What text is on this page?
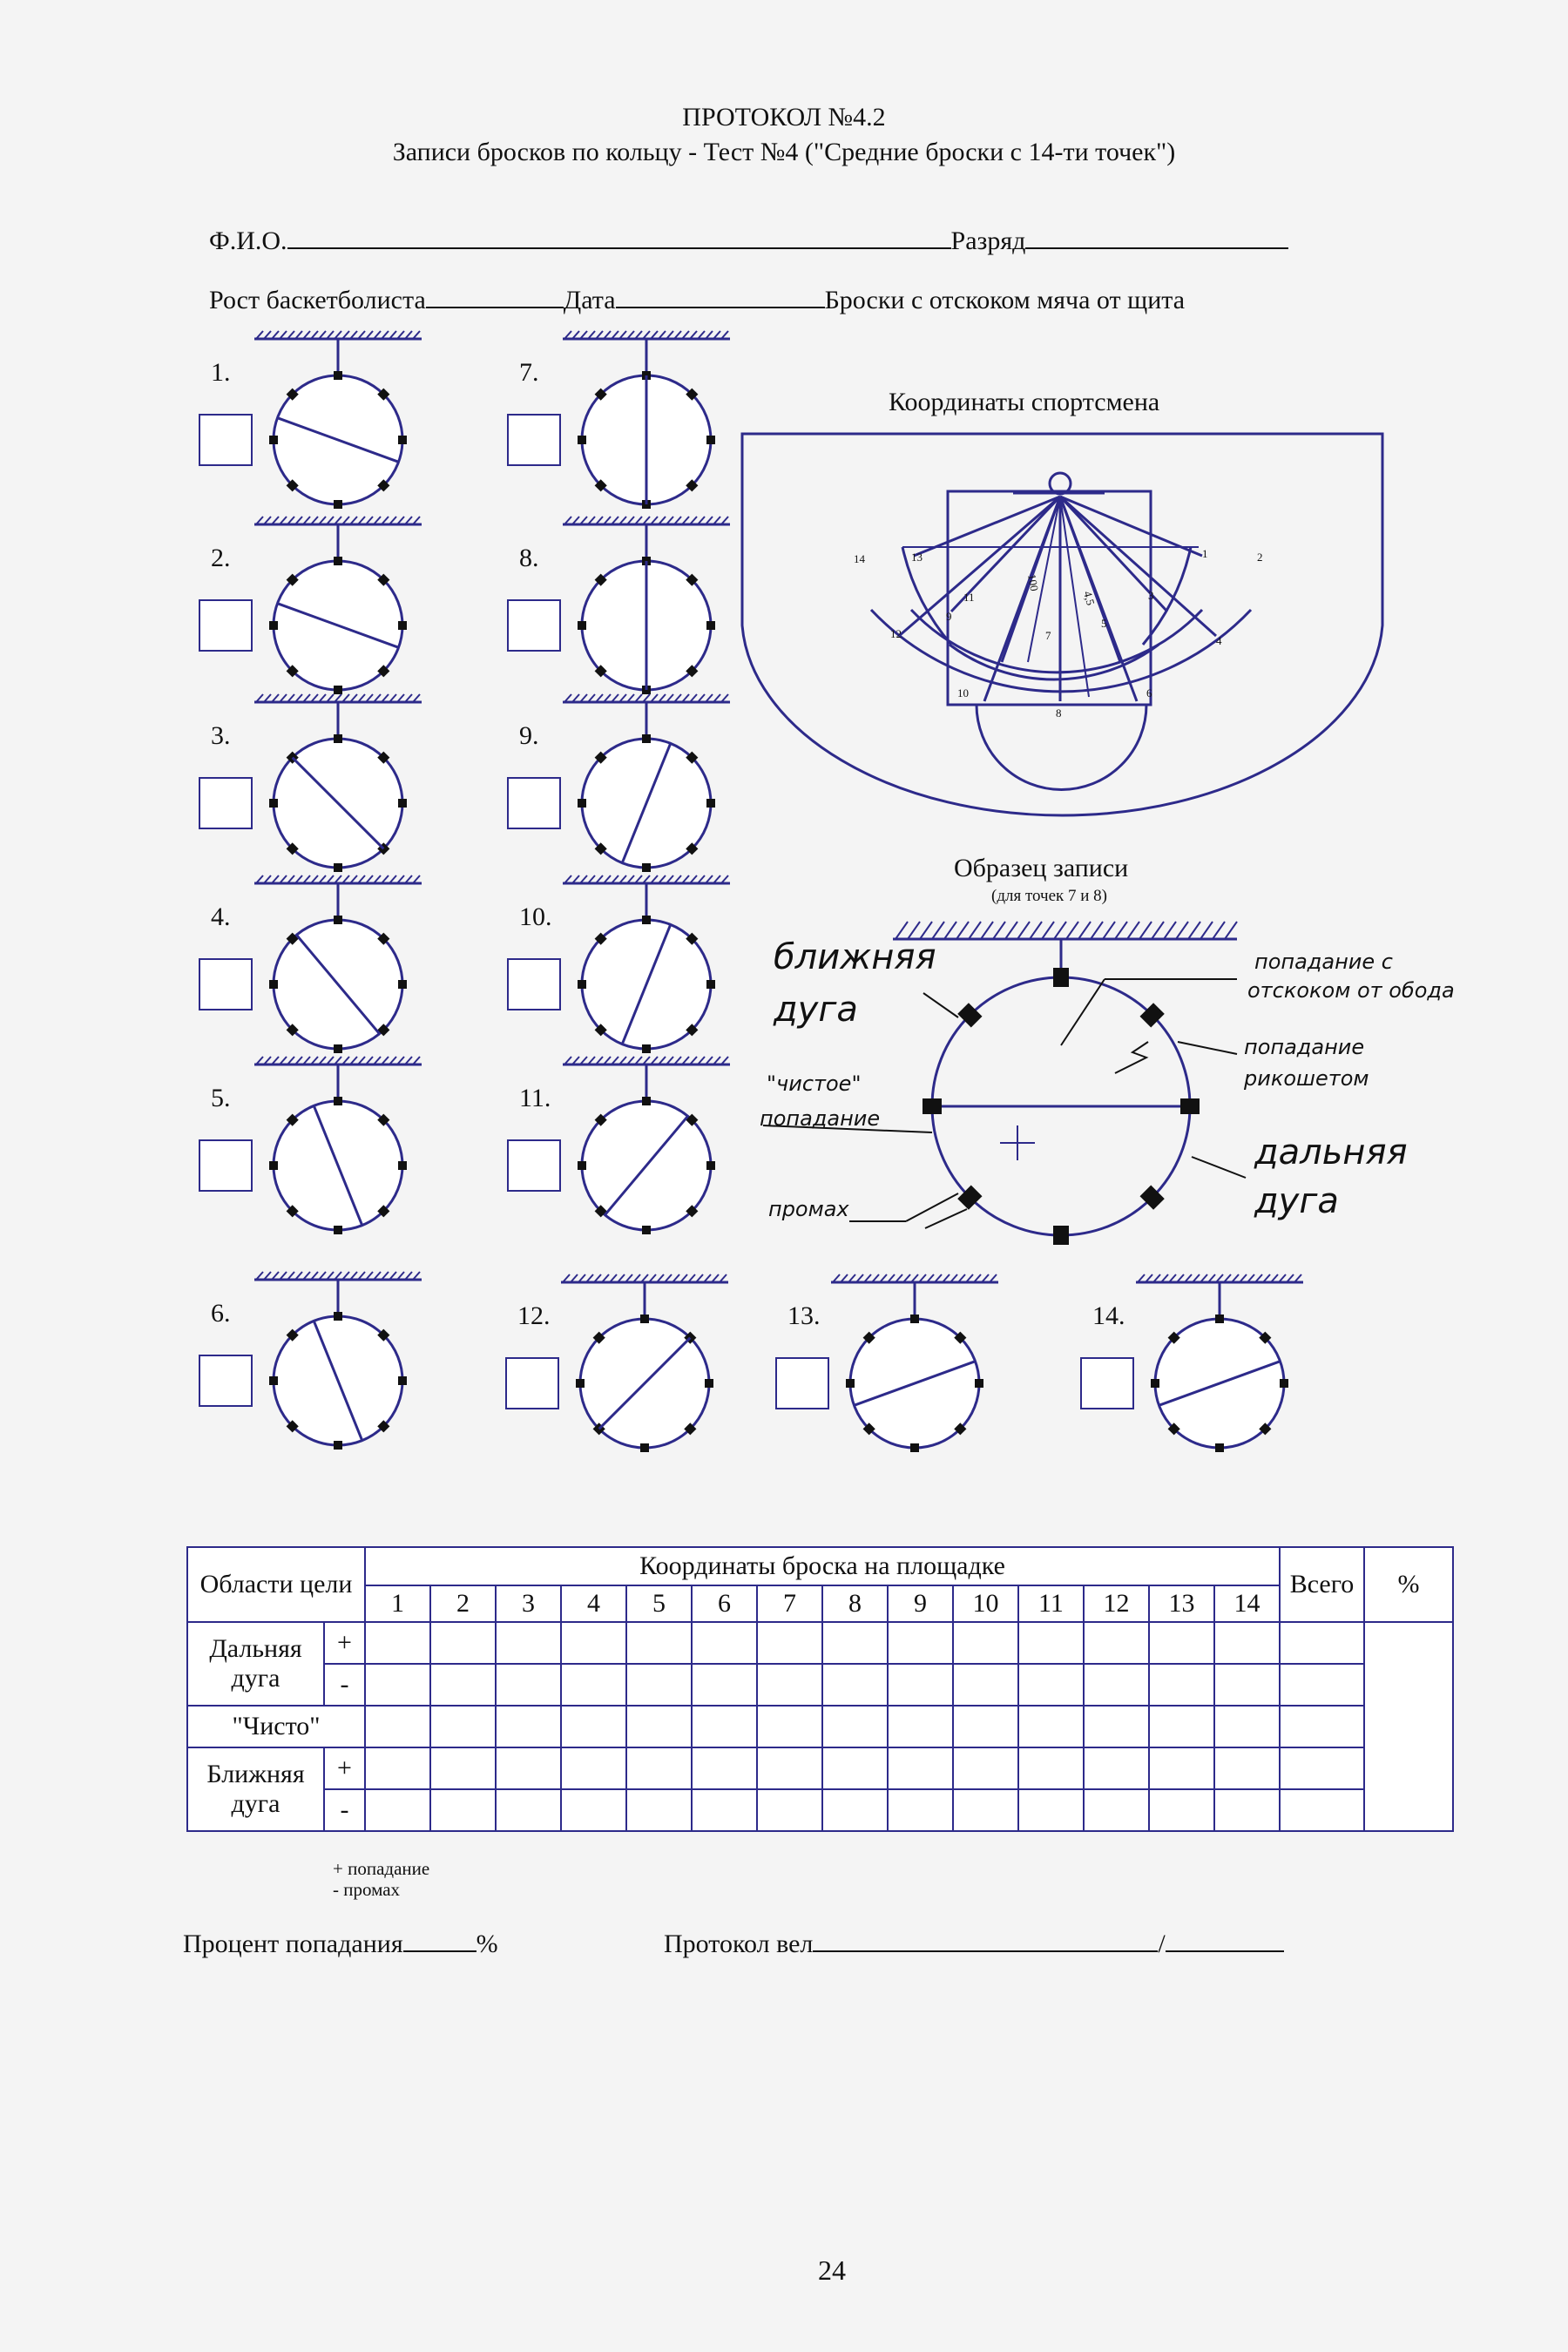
ПРОТОКОЛ №4.2
Записи бросков по кольцу - Тест №4 ("Средние броски с 14-ти точек")
Ф.И.О.	Разряд
Рост баскетболиста	Дата	Броски с отскоком мяча от щита
1.
2.
3.
4.
5.
6.
7.
8.
9.
10.
11.
12.	13.	14.
Координаты спортсмена
1	2
3
4
5
6
7
8
9
10
11
12
13
14
100
4,5
Образец записи
(для точек 7 и 8)
ближняя
дуга
попадание с
отскоком от обода
попадание
рикошетом
"чистое"
попадание
дальняя
дуга
промах
Области цели		Координаты броска на площадке														Всего	%
		1	2	3	4	5	6	7	8	9	10	11	12	13	14		
Дальняя дуга	+																
	-																
"Чисто"																	
Ближняя дуга	+																
	-																
+ попадание
- промах
Процент попадания	%	Протокол вел	/
24
